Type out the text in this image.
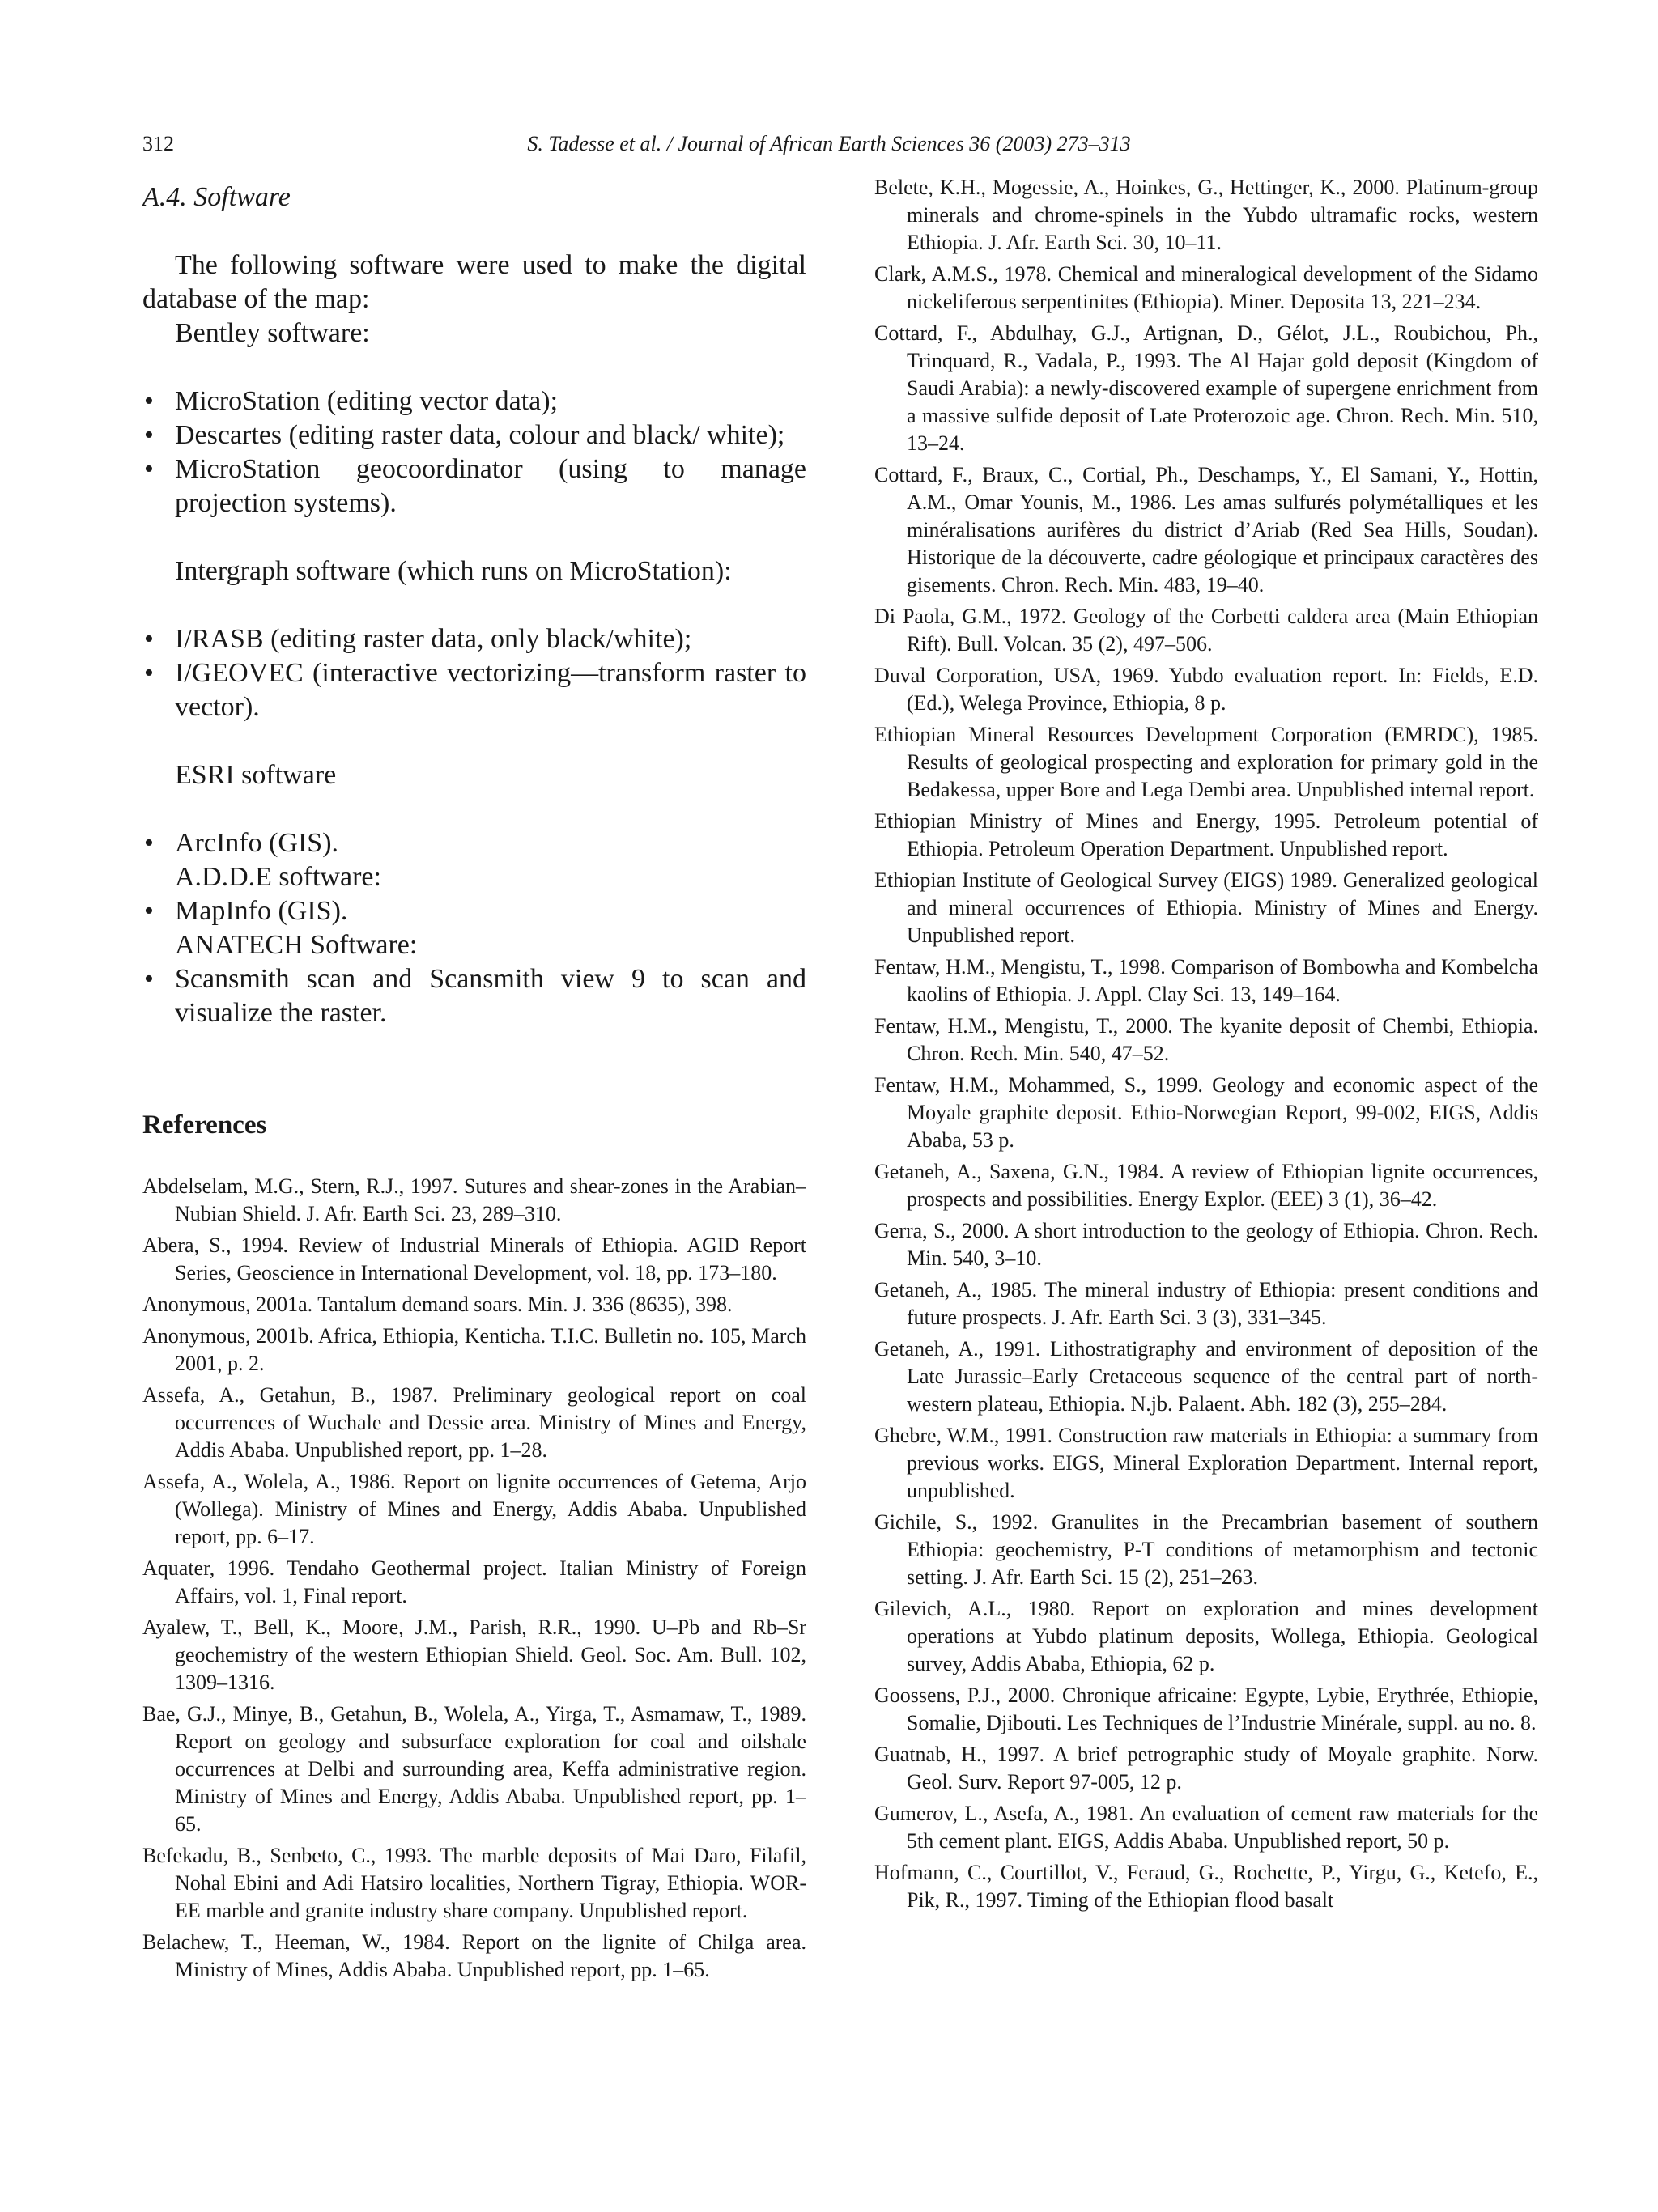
312	S. Tadesse et al. / Journal of African Earth Sciences 36 (2003) 273–313
A.4. Software

The following software were used to make the digital database of the map:

Bentley software:

• MicroStation (editing vector data);
• Descartes (editing raster data, colour and black/ white);
• MicroStation geocoordinator (using to manage projection systems).

Intergraph software (which runs on MicroStation):

• I/RASB (editing raster data, only black/white);
• I/GEOVEC (interactive vectorizing—transform raster to vector).

ESRI software

• ArcInfo (GIS).

A.D.D.E software:

• MapInfo (GIS).

ANATECH Software:

• Scansmith scan and Scansmith view 9 to scan and visualize the raster.
References

Abdelselam, M.G., Stern, R.J., 1997. Sutures and shear-zones in the Arabian–Nubian Shield. J. Afr. Earth Sci. 23, 289–310.

Abera, S., 1994. Review of Industrial Minerals of Ethiopia. AGID Report Series, Geoscience in International Development, vol. 18, pp. 173–180.

Anonymous, 2001a. Tantalum demand soars. Min. J. 336 (8635), 398.

Anonymous, 2001b. Africa, Ethiopia, Kenticha. T.I.C. Bulletin no. 105, March 2001, p. 2.

Assefa, A., Getahun, B., 1987. Preliminary geological report on coal occurrences of Wuchale and Dessie area. Ministry of Mines and Energy, Addis Ababa. Unpublished report, pp. 1–28.

Assefa, A., Wolela, A., 1986. Report on lignite occurrences of Getema, Arjo (Wollega). Ministry of Mines and Energy, Addis Ababa. Unpublished report, pp. 6–17.

Aquater, 1996. Tendaho Geothermal project. Italian Ministry of Foreign Affairs, vol. 1, Final report.

Ayalew, T., Bell, K., Moore, J.M., Parish, R.R., 1990. U–Pb and Rb–Sr geochemistry of the western Ethiopian Shield. Geol. Soc. Am. Bull. 102, 1309–1316.

Bae, G.J., Minye, B., Getahun, B., Wolela, A., Yirga, T., Asmamaw, T., 1989. Report on geology and subsurface exploration for coal and oilshale occurrences at Delbi and surrounding area, Keffa administrative region. Ministry of Mines and Energy, Addis Ababa. Unpublished report, pp. 1–65.

Befekadu, B., Senbeto, C., 1993. The marble deposits of Mai Daro, Filafil, Nohal Ebini and Adi Hatsiro localities, Northern Tigray, Ethiopia. WOR-EE marble and granite industry share company. Unpublished report.

Belachew, T., Heeman, W., 1984. Report on the lignite of Chilga area. Ministry of Mines, Addis Ababa. Unpublished report, pp. 1–65.

Belete, K.H., Mogessie, A., Hoinkes, G., Hettinger, K., 2000. Platinum-group minerals and chrome-spinels in the Yubdo ultramafic rocks, western Ethiopia. J. Afr. Earth Sci. 30, 10–11.

Clark, A.M.S., 1978. Chemical and mineralogical development of the Sidamo nickeliferous serpentinites (Ethiopia). Miner. Deposita 13, 221–234.

Cottard, F., Abdulhay, G.J., Artignan, D., Gélot, J.L., Roubichou, Ph., Trinquard, R., Vadala, P., 1993. The Al Hajar gold deposit (Kingdom of Saudi Arabia): a newly-discovered example of supergene enrichment from a massive sulfide deposit of Late Proterozoic age. Chron. Rech. Min. 510, 13–24.

Cottard, F., Braux, C., Cortial, Ph., Deschamps, Y., El Samani, Y., Hottin, A.M., Omar Younis, M., 1986. Les amas sulfurés polymétalliques et les minéralisations aurifères du district d’Ariab (Red Sea Hills, Soudan). Historique de la découverte, cadre géologique et principaux caractères des gisements. Chron. Rech. Min. 483, 19–40.

Di Paola, G.M., 1972. Geology of the Corbetti caldera area (Main Ethiopian Rift). Bull. Volcan. 35 (2), 497–506.

Duval Corporation, USA, 1969. Yubdo evaluation report. In: Fields, E.D. (Ed.), Welega Province, Ethiopia, 8 p.

Ethiopian Mineral Resources Development Corporation (EMRDC), 1985. Results of geological prospecting and exploration for primary gold in the Bedakessa, upper Bore and Lega Dembi area. Unpublished internal report.

Ethiopian Ministry of Mines and Energy, 1995. Petroleum potential of Ethiopia. Petroleum Operation Department. Unpublished report.

Ethiopian Institute of Geological Survey (EIGS) 1989. Generalized geological and mineral occurrences of Ethiopia. Ministry of Mines and Energy. Unpublished report.

Fentaw, H.M., Mengistu, T., 1998. Comparison of Bombowha and Kombelcha kaolins of Ethiopia. J. Appl. Clay Sci. 13, 149–164.

Fentaw, H.M., Mengistu, T., 2000. The kyanite deposit of Chembi, Ethiopia. Chron. Rech. Min. 540, 47–52.

Fentaw, H.M., Mohammed, S., 1999. Geology and economic aspect of the Moyale graphite deposit. Ethio-Norwegian Report, 99-002, EIGS, Addis Ababa, 53 p.

Getaneh, A., Saxena, G.N., 1984. A review of Ethiopian lignite occurrences, prospects and possibilities. Energy Explor. (EEE) 3 (1), 36–42.

Gerra, S., 2000. A short introduction to the geology of Ethiopia. Chron. Rech. Min. 540, 3–10.

Getaneh, A., 1985. The mineral industry of Ethiopia: present conditions and future prospects. J. Afr. Earth Sci. 3 (3), 331–345.

Getaneh, A., 1991. Lithostratigraphy and environment of deposition of the Late Jurassic–Early Cretaceous sequence of the central part of north-western plateau, Ethiopia. N.jb. Palaent. Abh. 182 (3), 255–284.

Ghebre, W.M., 1991. Construction raw materials in Ethiopia: a summary from previous works. EIGS, Mineral Exploration Department. Internal report, unpublished.

Gichile, S., 1992. Granulites in the Precambrian basement of southern Ethiopia: geochemistry, P-T conditions of metamorphism and tectonic setting. J. Afr. Earth Sci. 15 (2), 251–263.

Gilevich, A.L., 1980. Report on exploration and mines development operations at Yubdo platinum deposits, Wollega, Ethiopia. Geological survey, Addis Ababa, Ethiopia, 62 p.

Goossens, P.J., 2000. Chronique africaine: Egypte, Lybie, Erythrée, Ethiopie, Somalie, Djibouti. Les Techniques de l’Industrie Minérale, suppl. au no. 8.

Guatnab, H., 1997. A brief petrographic study of Moyale graphite. Norw. Geol. Surv. Report 97-005, 12 p.

Gumerov, L., Asefa, A., 1981. An evaluation of cement raw materials for the 5th cement plant. EIGS, Addis Ababa. Unpublished report, 50 p.

Hofmann, C., Courtillot, V., Feraud, G., Rochette, P., Yirgu, G., Ketefo, E., Pik, R., 1997. Timing of the Ethiopian flood basalt
